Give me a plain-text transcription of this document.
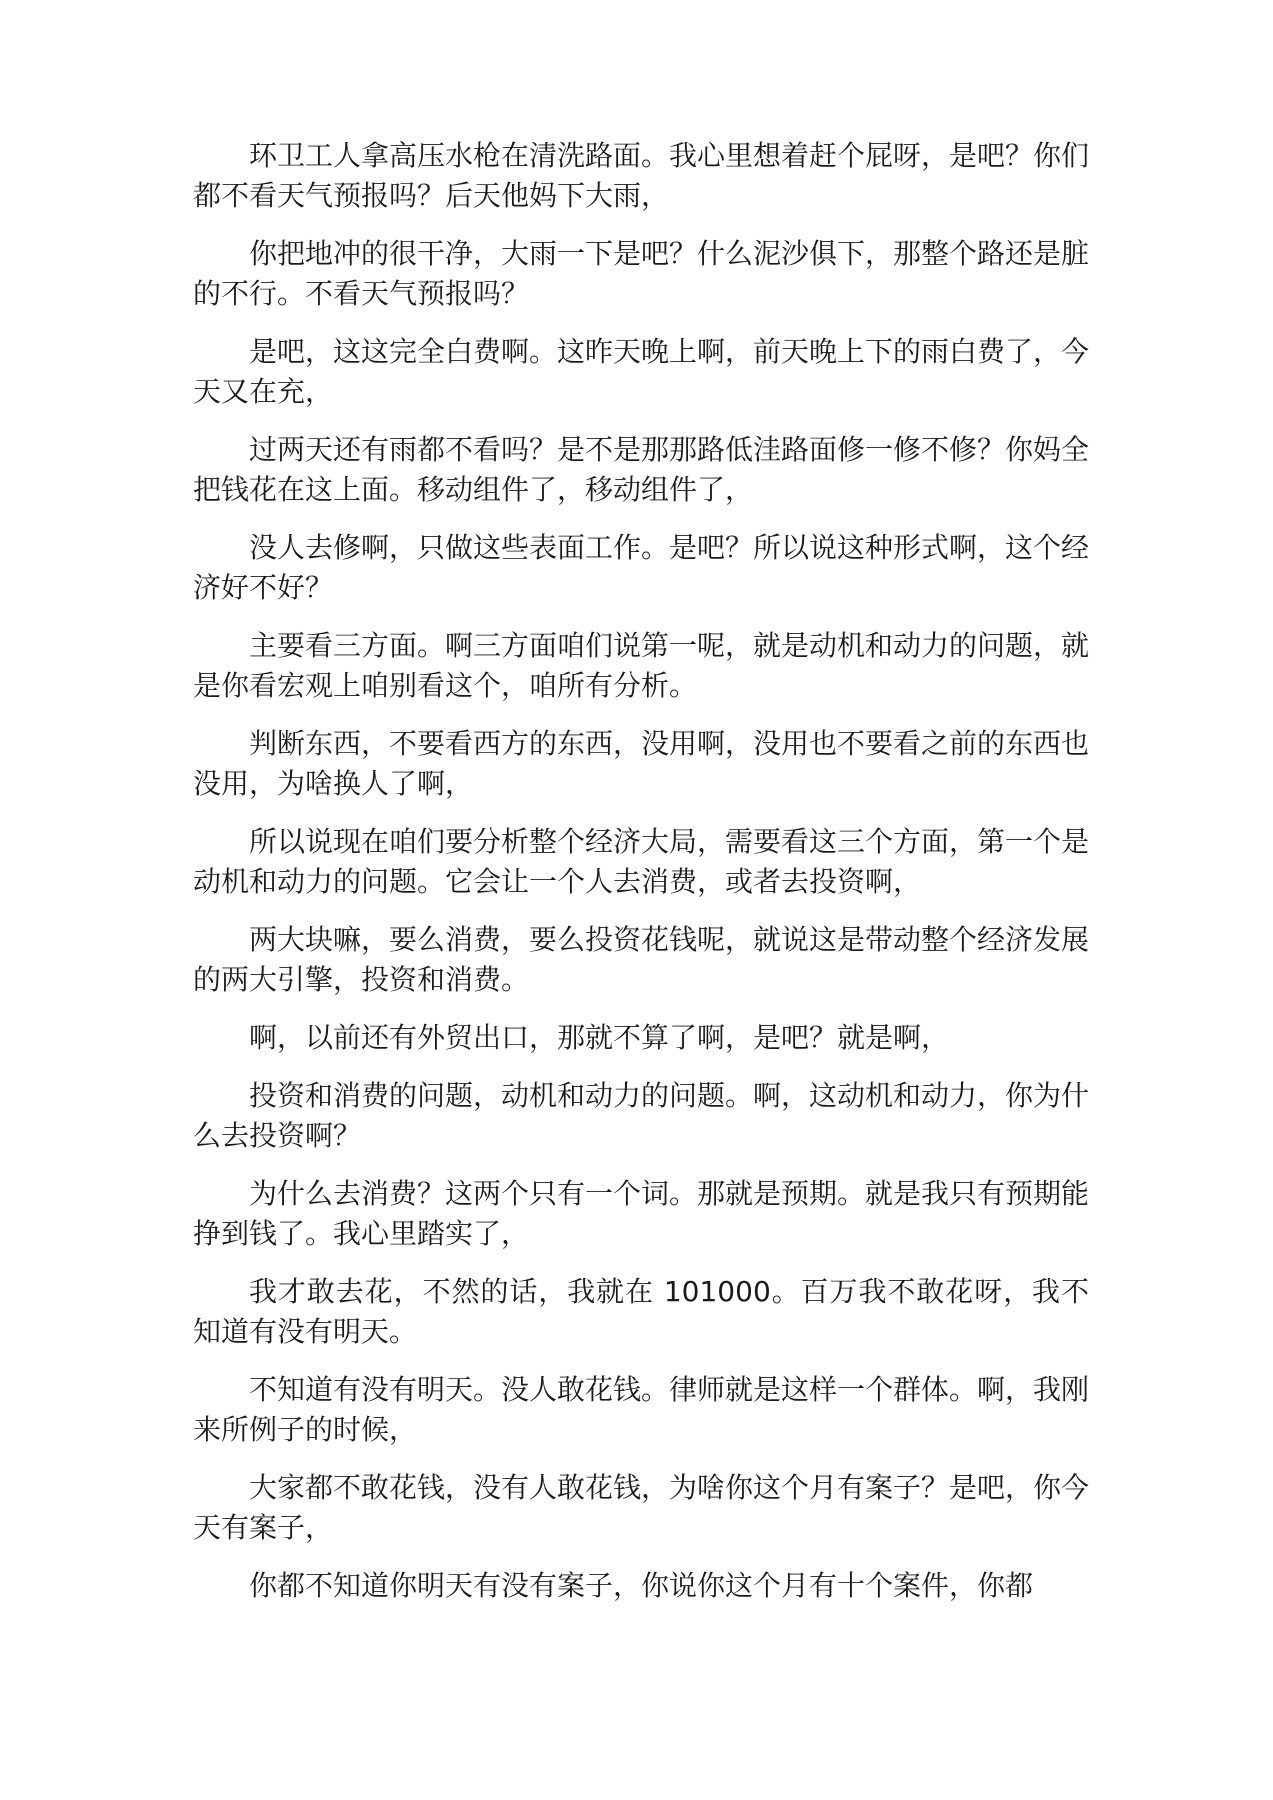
环卫工人拿高压水枪在清洗路面。我心里想着赶个屁呀，是吧？你们都不看天气预报吗？后天他妈下大雨，

你把地冲的很干净，大雨一下是吧？什么泥沙俱下，那整个路还是脏的不行。不看天气预报吗？

是吧，这这完全白费啊。这昨天晚上啊，前天晚上下的雨白费了，今天又在充，

过两天还有雨都不看吗？是不是那那路低洼路面修一修不修？你妈全把钱花在这上面。移动组件了，移动组件了，

没人去修啊，只做这些表面工作。是吧？所以说这种形式啊，这个经济好不好？

主要看三方面。啊三方面咱们说第一呢，就是动机和动力的问题，就是你看宏观上咱别看这个，咱所有分析。

判断东西，不要看西方的东西，没用啊，没用也不要看之前的东西也没用，为啥换人了啊，

所以说现在咱们要分析整个经济大局，需要看这三个方面，第一个是动机和动力的问题。它会让一个人去消费，或者去投资啊，

两大块嘛，要么消费，要么投资花钱呢，就说这是带动整个经济发展的两大引擎，投资和消费。

啊，以前还有外贸出口，那就不算了啊，是吧？就是啊，

投资和消费的问题，动机和动力的问题。啊，这动机和动力，你为什么去投资啊？

为什么去消费？这两个只有一个词。那就是预期。就是我只有预期能挣到钱了。我心里踏实了，

我才敢去花，不然的话，我就在 101000。百万我不敢花呀，我不知道有没有明天。

不知道有没有明天。没人敢花钱。律师就是这样一个群体。啊，我刚来所例子的时候，

大家都不敢花钱，没有人敢花钱，为啥你这个月有案子？是吧，你今天有案子，

你都不知道你明天有没有案子，你说你这个月有十个案件，你都
